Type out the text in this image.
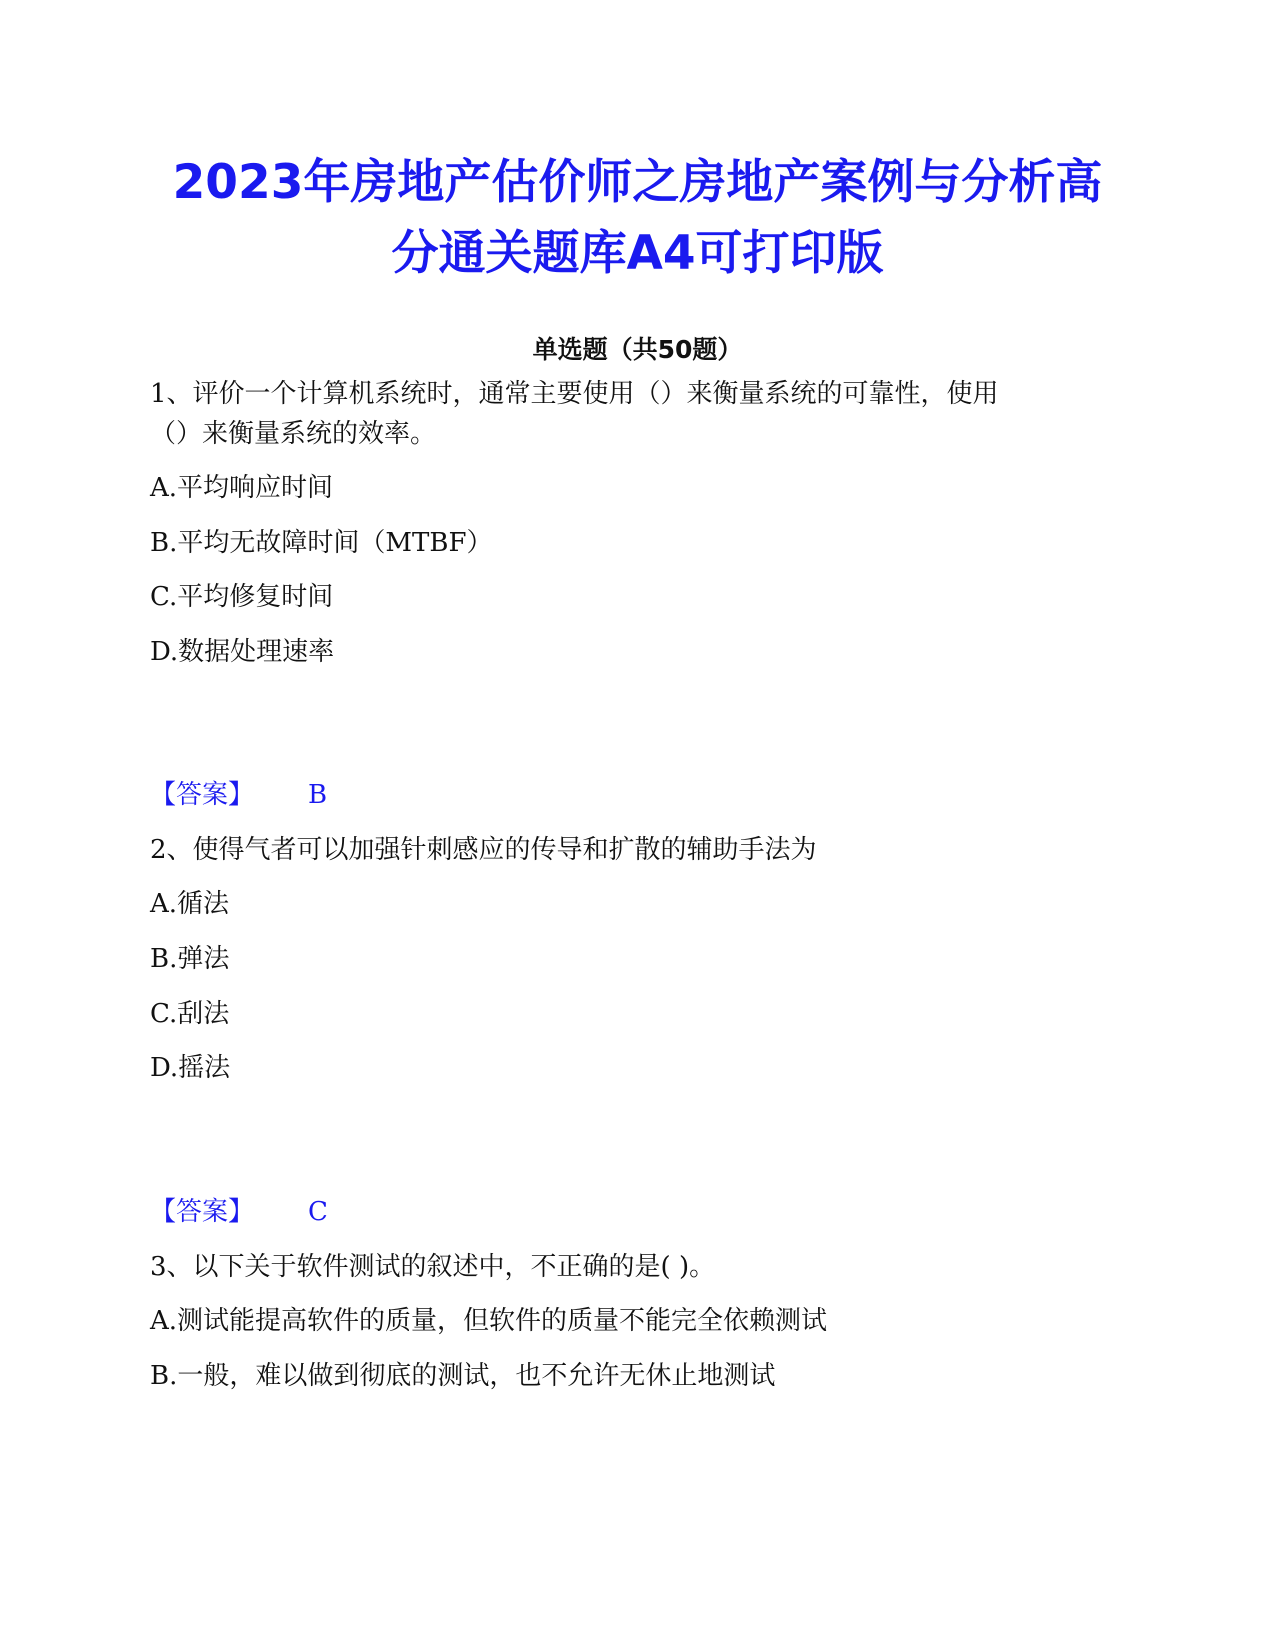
2023年房地产估价师之房地产案例与分析高
分通关题库A4可打印版
单选题（共50题）
1、评价一个计算机系统时，通常主要使用（）来衡量系统的可靠性，使用
（）来衡量系统的效率。
A.平均响应时间
B.平均无故障时间（MTBF）
C.平均修复时间
D.数据处理速率
【答案】 B
2、使得气者可以加强针刺感应的传导和扩散的辅助手法为
A.循法
B.弹法
C.刮法
D.摇法
【答案】 C
3、以下关于软件测试的叙述中，不正确的是( )。
A.测试能提高软件的质量，但软件的质量不能完全依赖测试
B.一般，难以做到彻底的测试，也不允许无休止地测试
